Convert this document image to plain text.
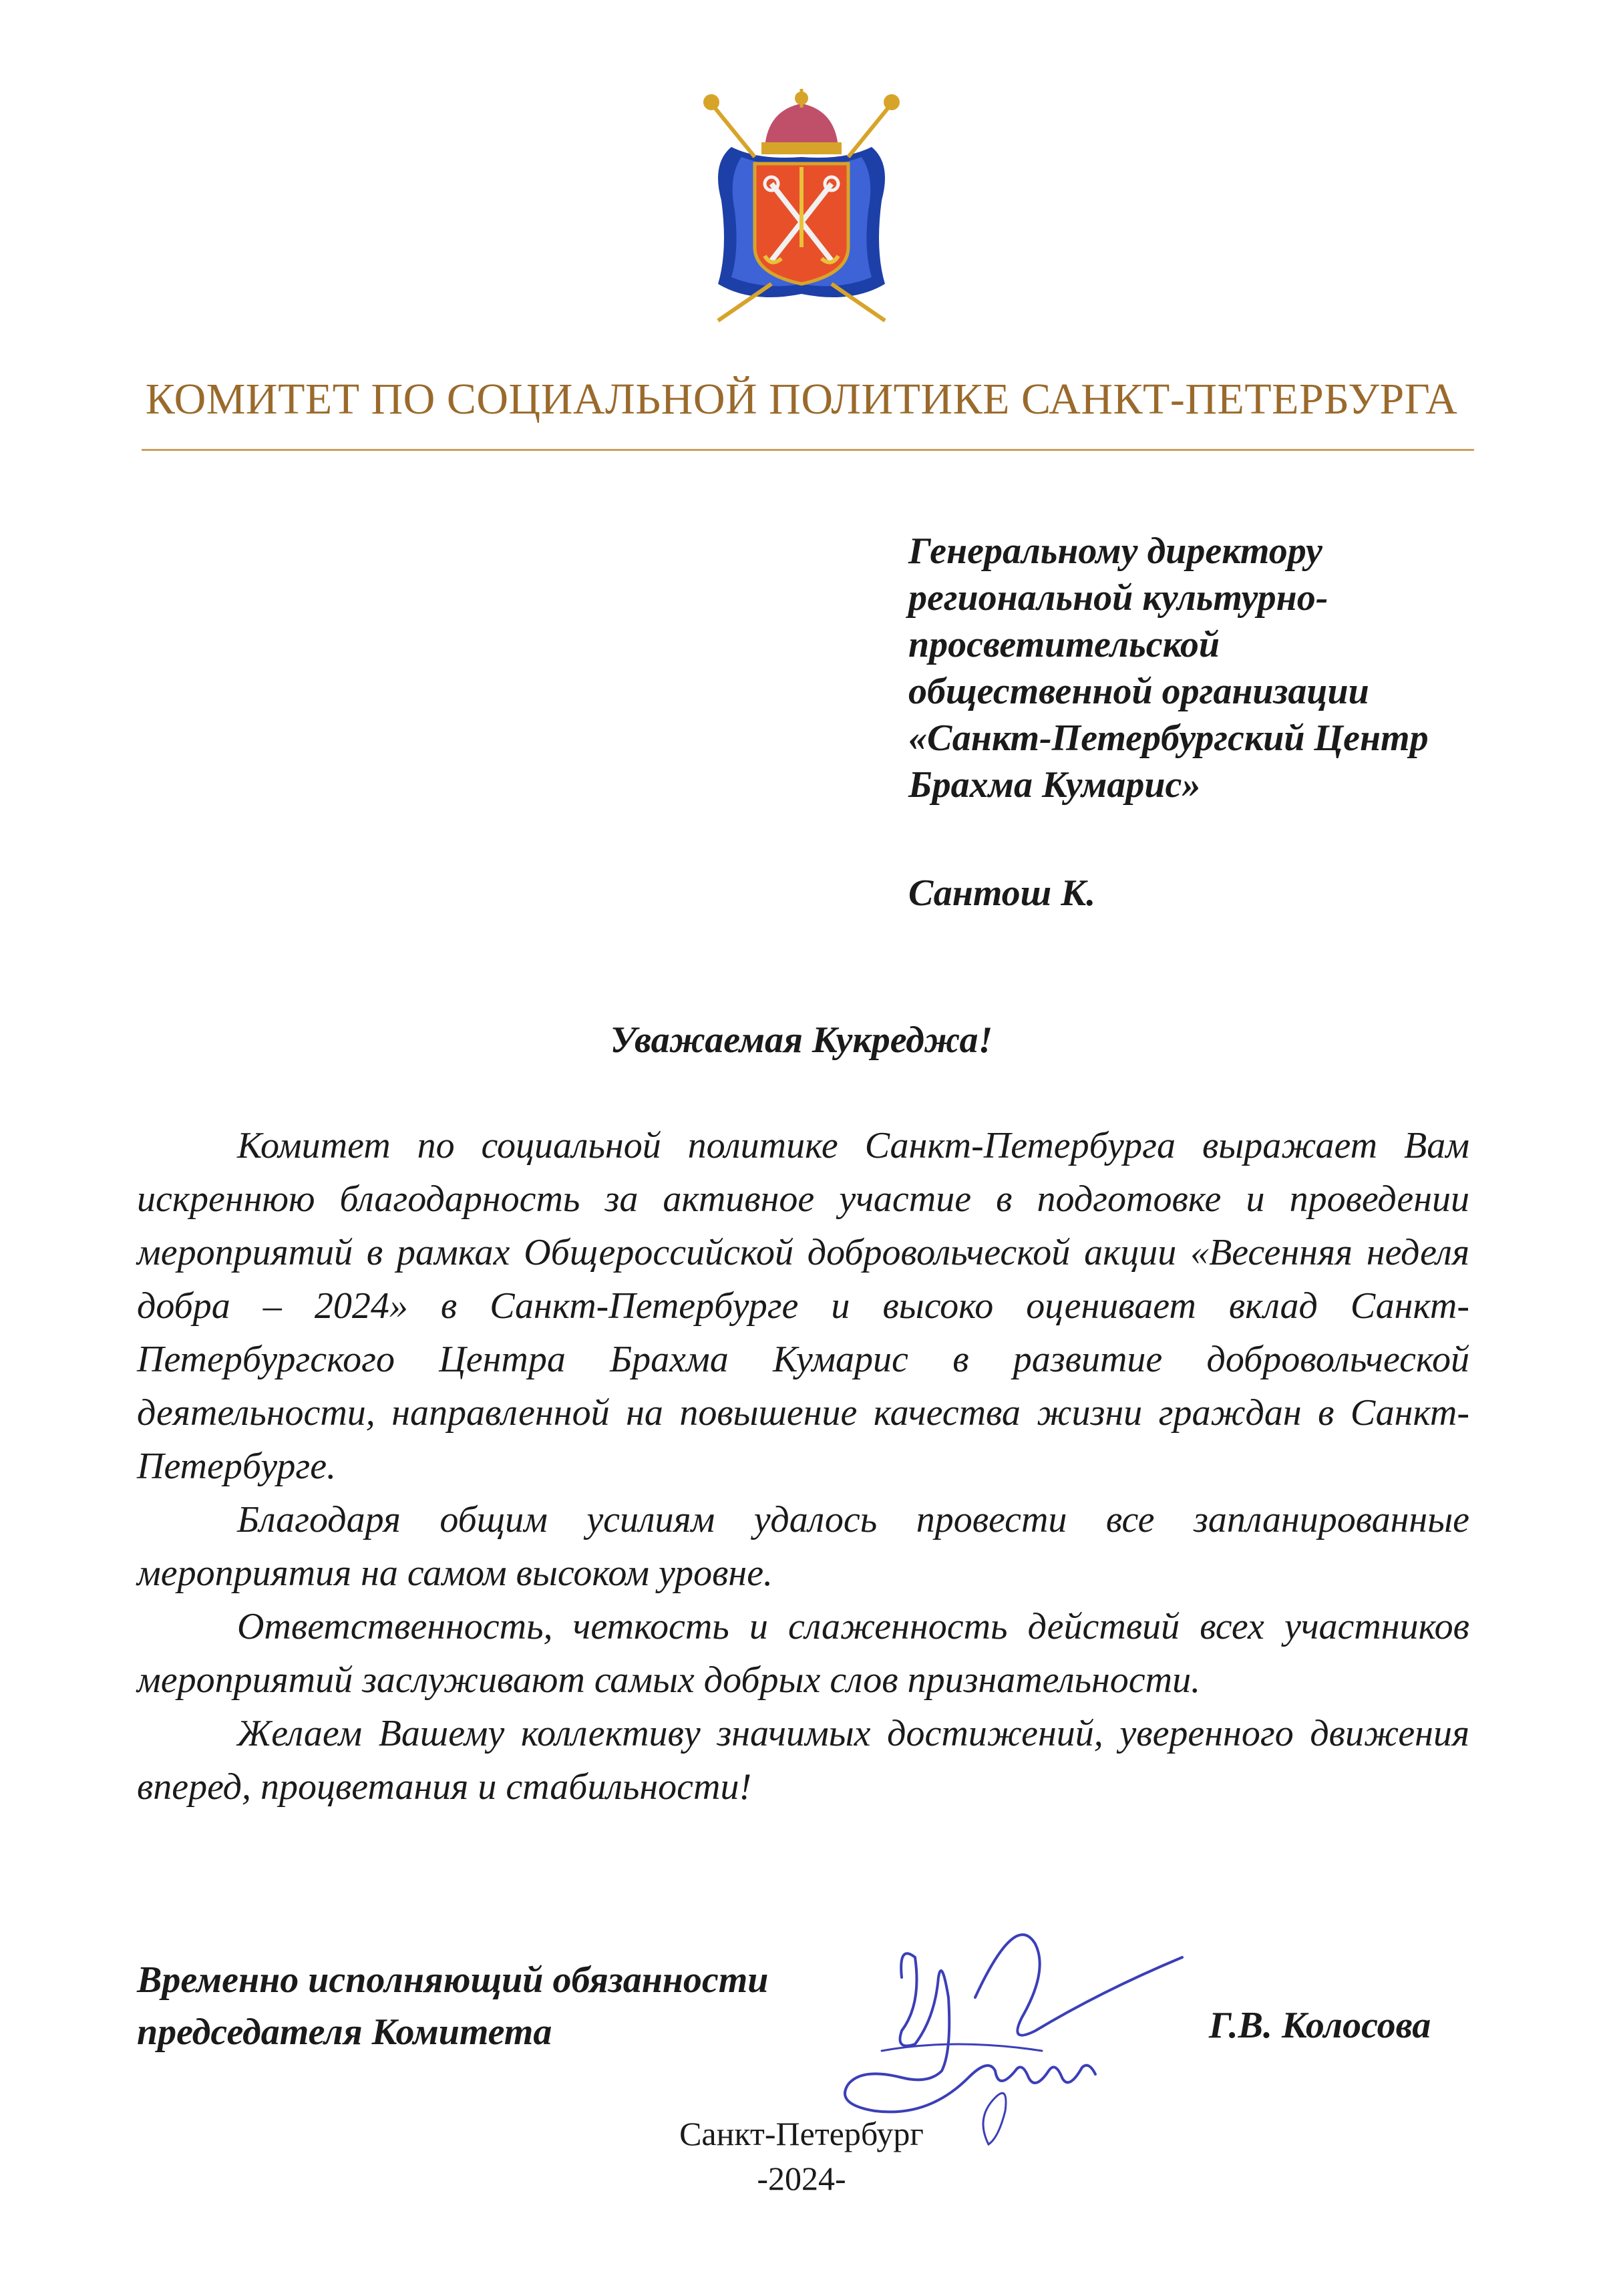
КОМИТЕТ ПО СОЦИАЛЬНОЙ ПОЛИТИКЕ САНКТ-ПЕТЕРБУРГА
Генеральному директору
региональной культурно-
просветительской
общественной организации
«Санкт-Петербургский Центр
Брахма Кумарис»
Сантош К.
Уважаемая Кукреджа!

Комитет по социальной политике Санкт-Петербурга выражает Вам искреннюю благодарность за активное участие в подготовке и проведении мероприятий в рамках Общероссийской добровольческой акции «Весенняя неделя добра – 2024» в Санкт-Петербурге и высоко оценивает вклад Санкт-Петербургского Центра Брахма Кумарис в развитие добровольческой деятельности, направленной на повышение качества жизни граждан в Санкт-Петербурге.

Благодаря общим усилиям удалось провести все запланированные мероприятия на самом высоком уровне.

Ответственность, четкость и слаженность действий всех участников мероприятий заслуживают самых добрых слов признательности.

Желаем Вашему коллективу значимых достижений, уверенного движения вперед, процветания и стабильности!

Временно исполняющий обязанности
председателя Комитета	Г.В. Колосова
Санкт-Петербург
-2024-
